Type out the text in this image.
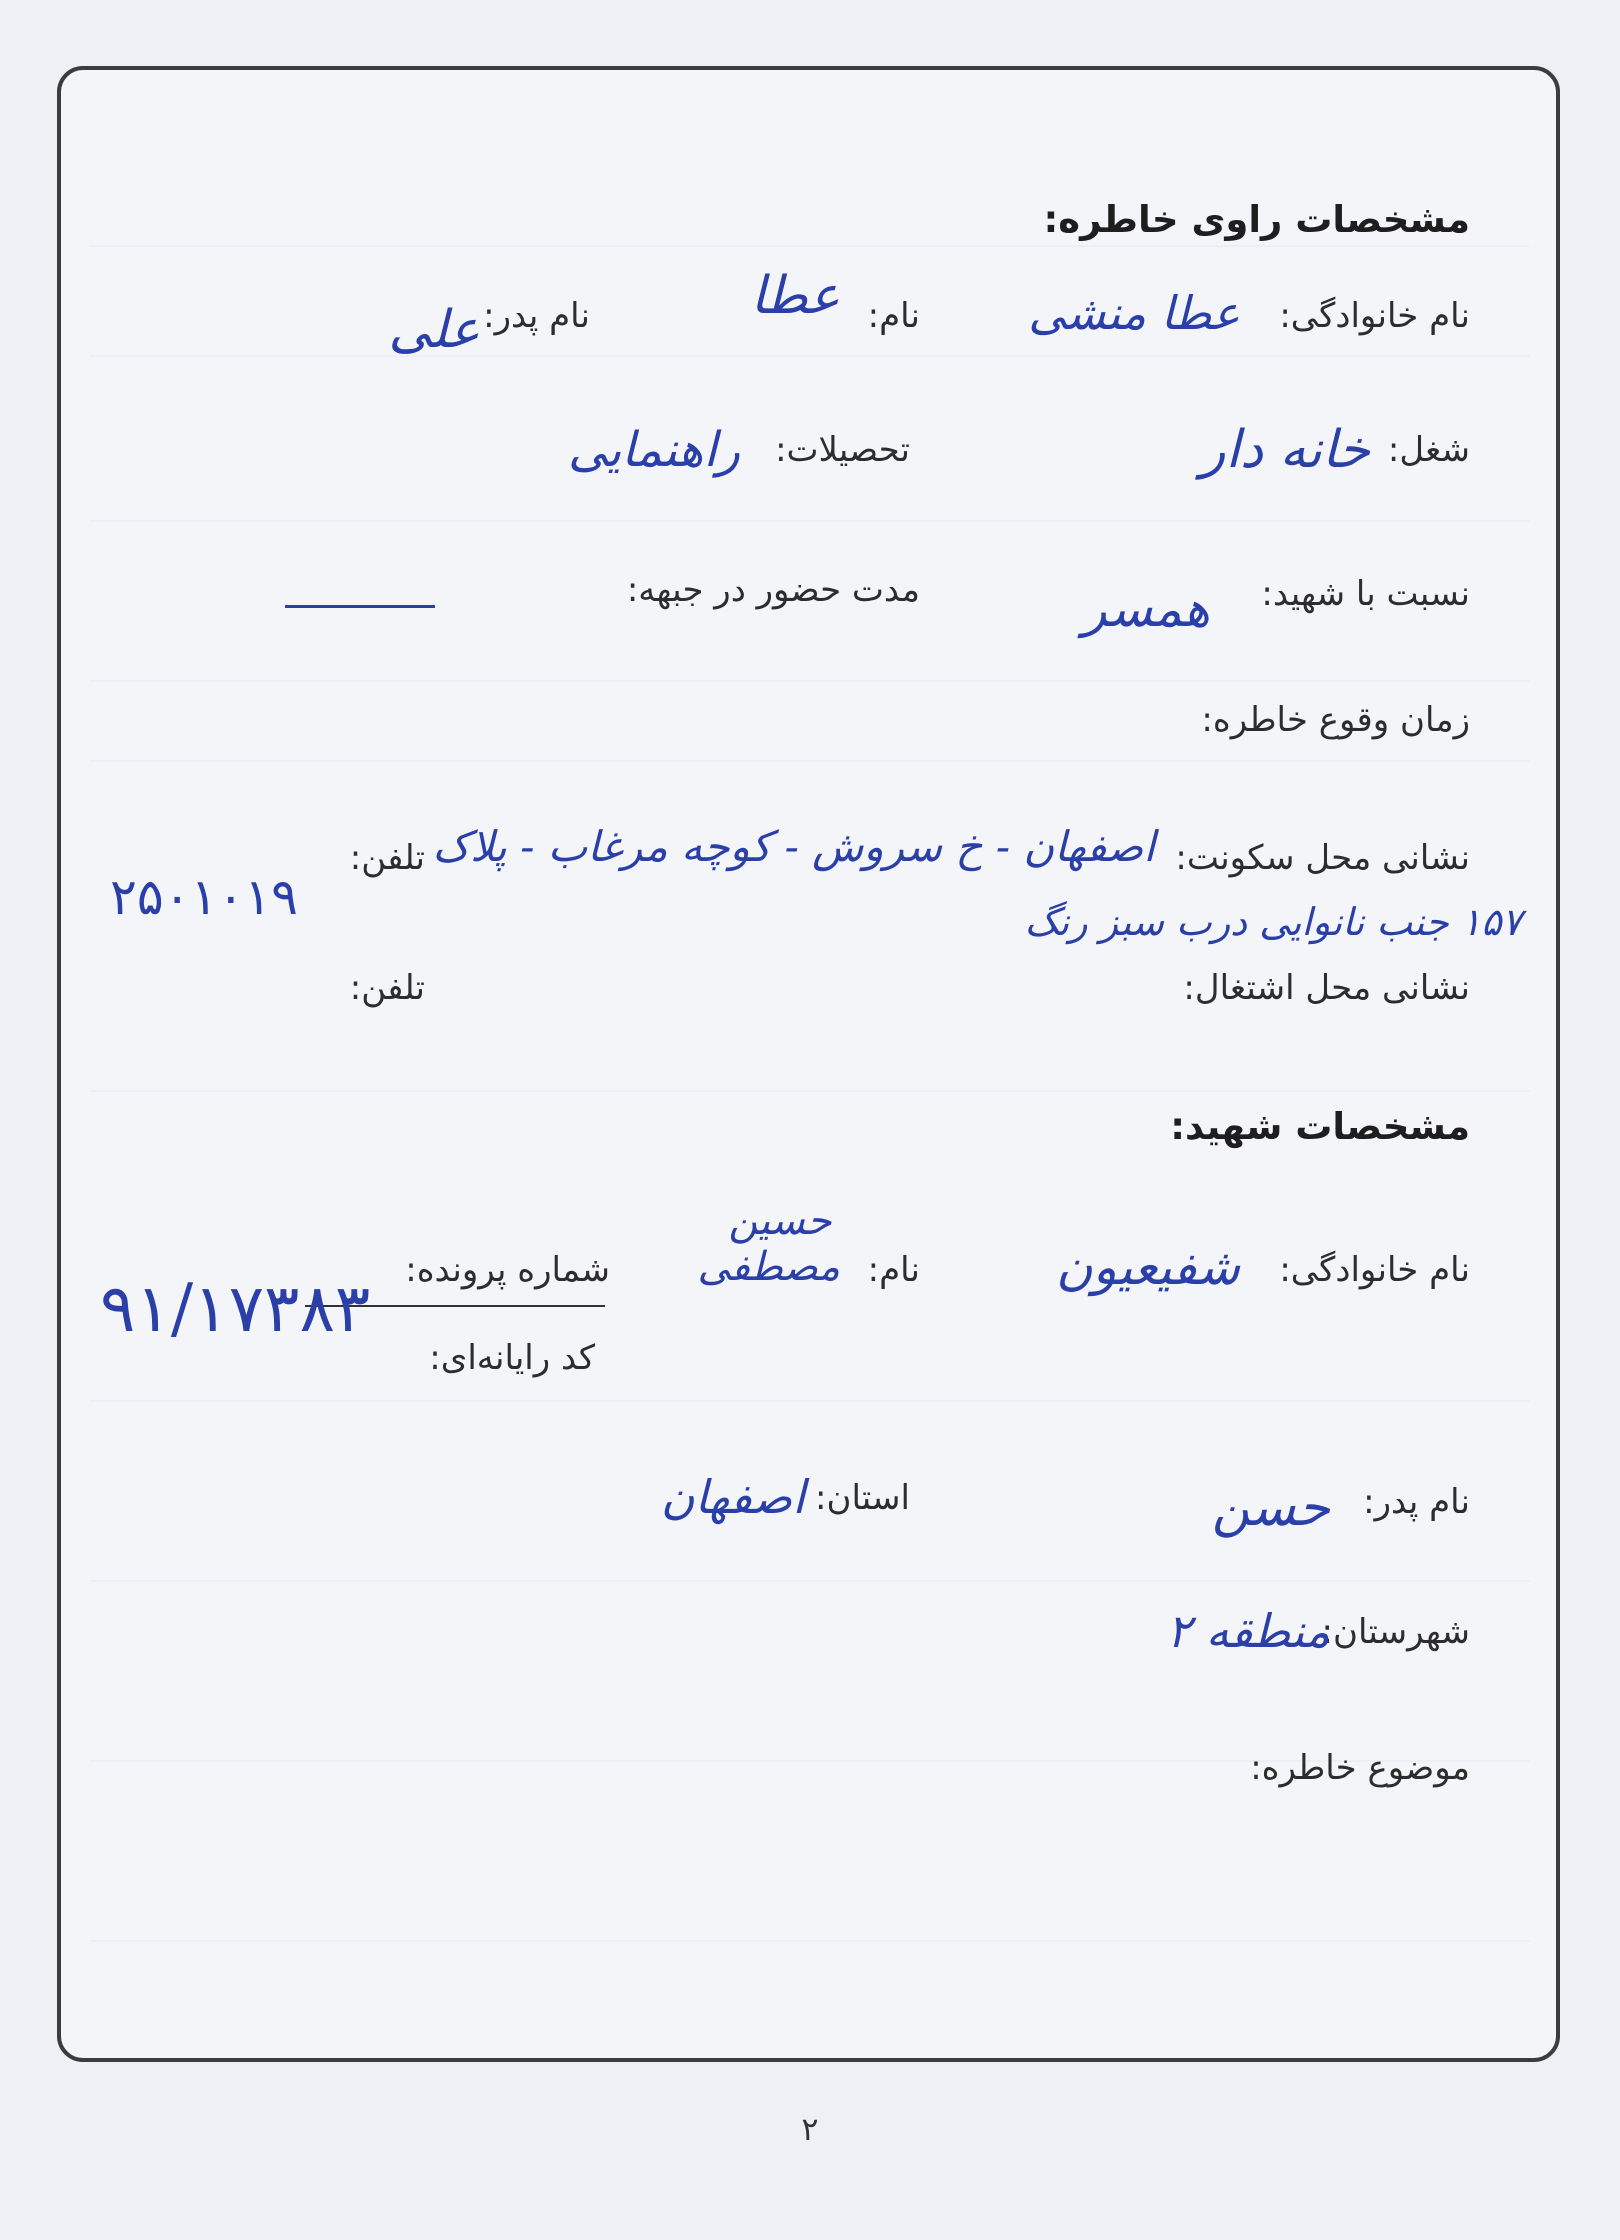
مشخصات راوی خاطره:
نام خانوادگی:
عطا منشی
نام:
عطا
نام پدر:
علی
شغل:
خانه دار
تحصیلات:
راهنمایی
نسبت با شهید:
همسر
مدت حضور در جبهه:
زمان وقوع خاطره:
نشانی محل سکونت:
اصفهان - خ سروش - کوچه مرغاب - پلاک
۱۵۷ جنب نانوایی درب سبز رنگ
تلفن:
۲۵۰۱۰۱۹
نشانی محل اشتغال:
تلفن:
مشخصات شهید:
نام خانوادگی:
شفیعیون
نام:
حسین مصطفی
شماره پرونده:
کد رایانه‌ای:
۹۱/۱۷۳۸۳
نام پدر:
حسن
استان:
اصفهان
شهرستان:
منطقه ۲
موضوع خاطره:
۲
